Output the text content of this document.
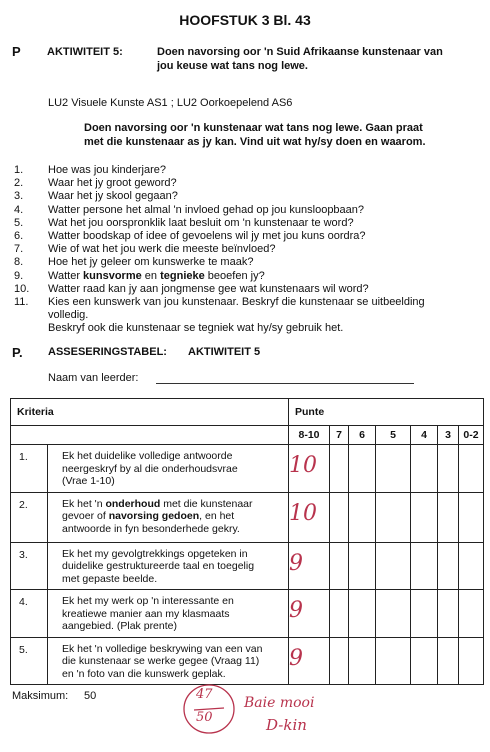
HOOFSTUK 3 Bl. 43
P AKTIWITEIT 5:	Doen navorsing oor 'n Suid Afrikaanse kunstenaar van
jou keuse wat tans nog lewe.
LU2 Visuele Kunste AS1 ; LU2 Oorkoepelend AS6
Doen navorsing oor 'n kunstenaar wat tans nog lewe. Gaan praat
met die kunstenaar as jy kan. Vind uit wat hy/sy doen en waarom.
1.	Hoe was jou kinderjare?
2.	Waar het jy groot geword?
3.	Waar het jy skool gegaan?
4.	Watter persone het almal 'n invloed gehad op jou kunsloopbaan?
5.	Wat het jou oorspronklik laat besluit om 'n kunstenaar te word?
6.	Watter boodskap of idee of gevoelens wil jy met jou kuns oordra?
7.	Wie of wat het jou werk die meeste beïnvloed?
8.	Hoe het jy geleer om kunswerke te maak?
9.	Watter kunsvorme en tegnieke beoefen jy?
10.	Watter raad kan jy aan jongmense gee wat kunstenaars wil word?
11.	Kies een kunswerk van jou kunstenaar. Beskryf die kunstenaar se uitbeelding
volledig.
Beskryf ook die kunstenaar se tegniek wat hy/sy gebruik het.
P. ASSESERINGSTABEL: AKTIWITEIT 5
Naam van leerder:
Kriteria		Punte						
		8-10	7	6	5	4	3	0-2
1.	Ek het duidelike volledige antwoorde
neergeskryf by al die onderhoudsvrae
(Vrae 1-10)	10						
2.	Ek het 'n onderhoud met die kunstenaar
gevoer of navorsing gedoen, en het
antwoorde in fyn besonderhede gekry.	10						
3.	Ek het my gevolgtrekkings opgeteken in
duidelike gestruktureerde taal en toegelig
met gepaste beelde.	9						
4.	Ek het my werk op 'n interessante en
kreatiewe manier aan my klasmaats
aangebied. (Plak prente)	9						
5.	Ek het 'n volledige beskrywing van een van
die kunstenaar se werke gegee (Vraag 11)
en 'n foto van die kunswerk geplak.	9						
Maksimum: 50	47
50
Baie mooi
D-kin
